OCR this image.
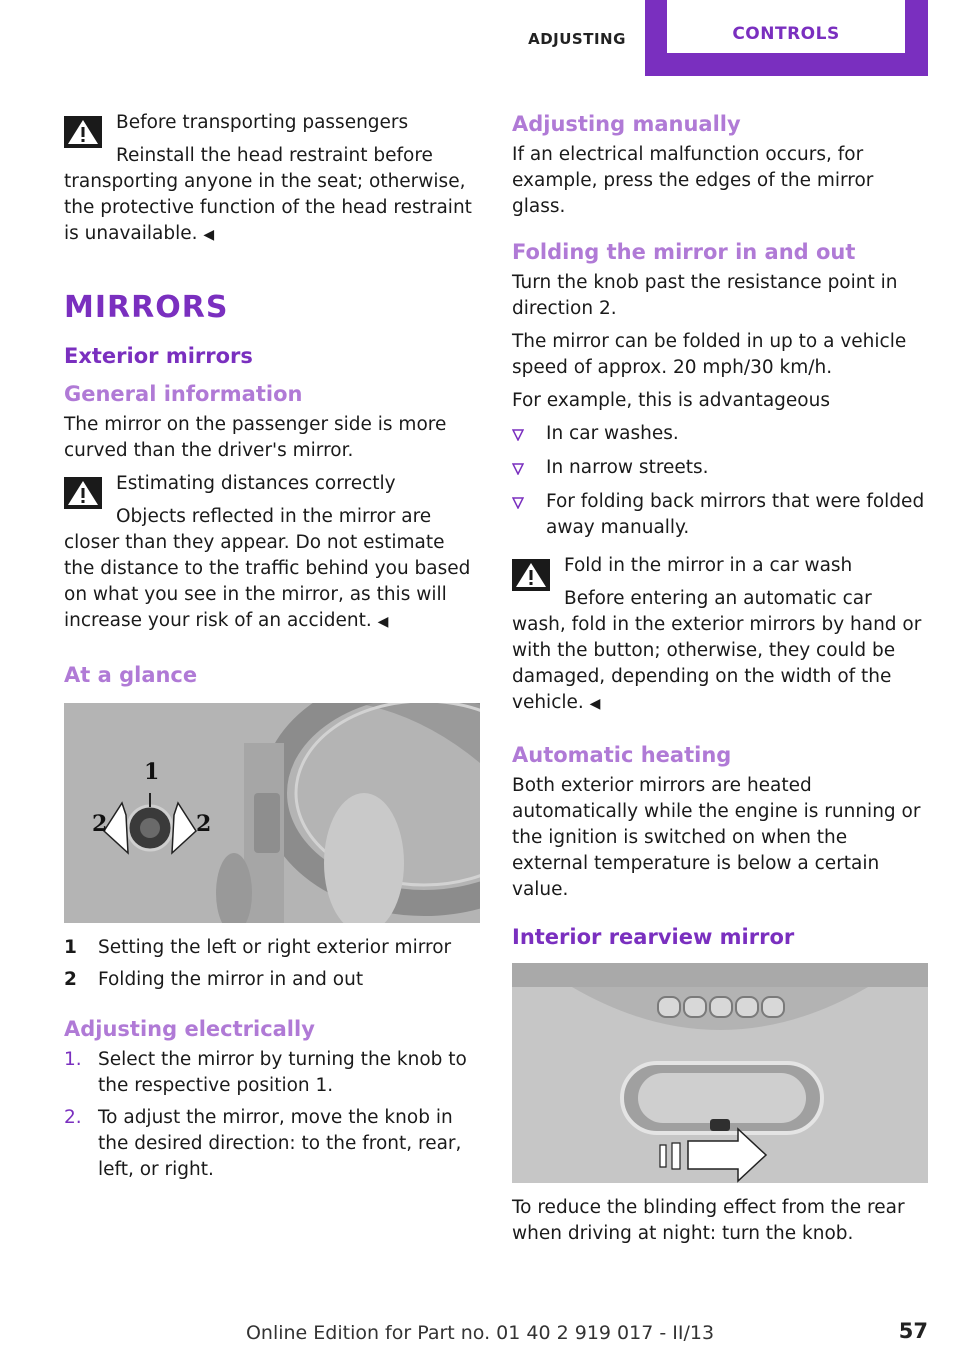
ADJUSTING	CONTROLS

Before transporting passengers

Reinstall the head restraint before transporting anyone in the seat; otherwise, the protective function of the head restraint is unavailable. ◀

MIRRORS
Exterior mirrors
General information

The mirror on the passenger side is more curved than the driver's mirror.

Estimating distances correctly

Objects reflected in the mirror are closer than they appear. Do not estimate the distance to the traffic behind you based on what you see in the mirror, as this will increase your risk of an accident. ◀

At a glance
1
2	2
1	Setting the left or right exterior mirror
2	Folding the mirror in and out
Adjusting electrically
1. Select the mirror by turning the knob to the respective position 1.
2. To adjust the mirror, move the knob in the desired direction: to the front, rear, left, or right.
Adjusting manually

If an electrical malfunction occurs, for example, press the edges of the mirror glass.

Folding the mirror in and out

Turn the knob past the resistance point in direction 2.

The mirror can be folded in up to a vehicle speed of approx. 20 mph/30 km/h.

For example, this is advantageous

In car washes.
In narrow streets.
For folding back mirrors that were folded away manually.

Fold in the mirror in a car wash

Before entering an automatic car wash, fold in the exterior mirrors by hand or with the button; otherwise, they could be damaged, depending on the width of the vehicle. ◀

Automatic heating

Both exterior mirrors are heated automatically while the engine is running or the ignition is switched on when the external temperature is below a certain value.

Interior rearview mirror

To reduce the blinding effect from the rear when driving at night: turn the knob.

Online Edition for Part no. 01 40 2 919 017 - II/13	57
